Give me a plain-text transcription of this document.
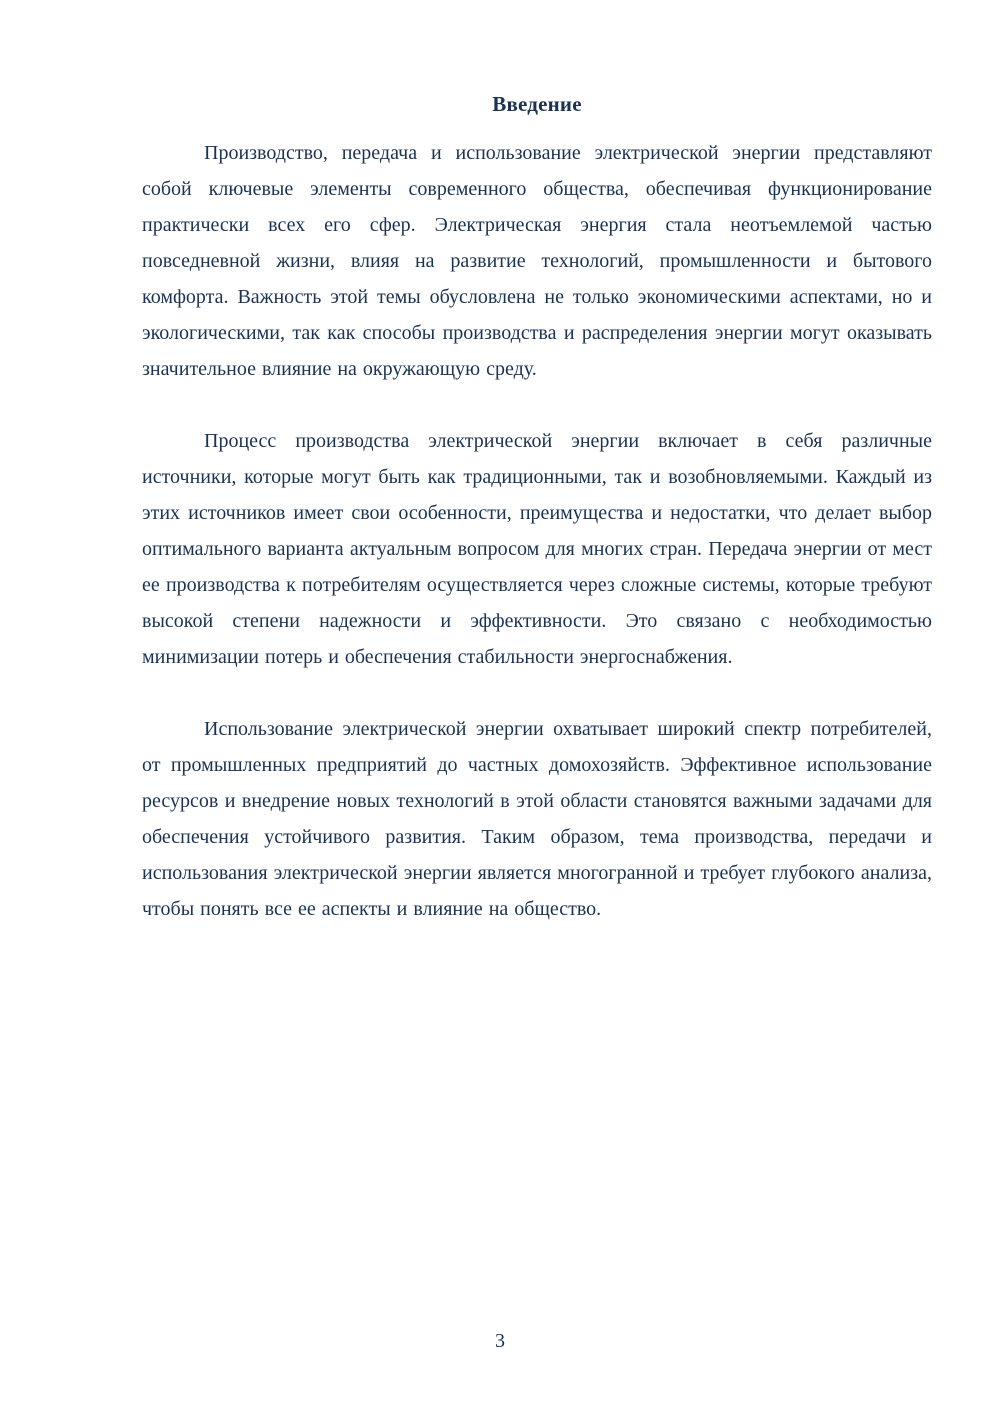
Введение

Производство, передача и использование электрической энергии представляют собой ключевые элементы современного общества, обеспечивая функционирование практически всех его сфер. Электрическая энергия стала неотъемлемой частью повседневной жизни, влияя на развитие технологий, промышленности и бытового комфорта. Важность этой темы обусловлена не только экономическими аспектами, но и экологическими, так как способы производства и распределения энергии могут оказывать значительное влияние на окружающую среду.

Процесс производства электрической энергии включает в себя различные источники, которые могут быть как традиционными, так и возобновляемыми. Каждый из этих источников имеет свои особенности, преимущества и недостатки, что делает выбор оптимального варианта актуальным вопросом для многих стран. Передача энергии от мест ее производства к потребителям осуществляется через сложные системы, которые требуют высокой степени надежности и эффективности. Это связано с необходимостью минимизации потерь и обеспечения стабильности энергоснабжения.

Использование электрической энергии охватывает широкий спектр потребителей, от промышленных предприятий до частных домохозяйств. Эффективное использование ресурсов и внедрение новых технологий в этой области становятся важными задачами для обеспечения устойчивого развития. Таким образом, тема производства, передачи и использования электрической энергии является многогранной и требует глубокого анализа, чтобы понять все ее аспекты и влияние на общество.

3
